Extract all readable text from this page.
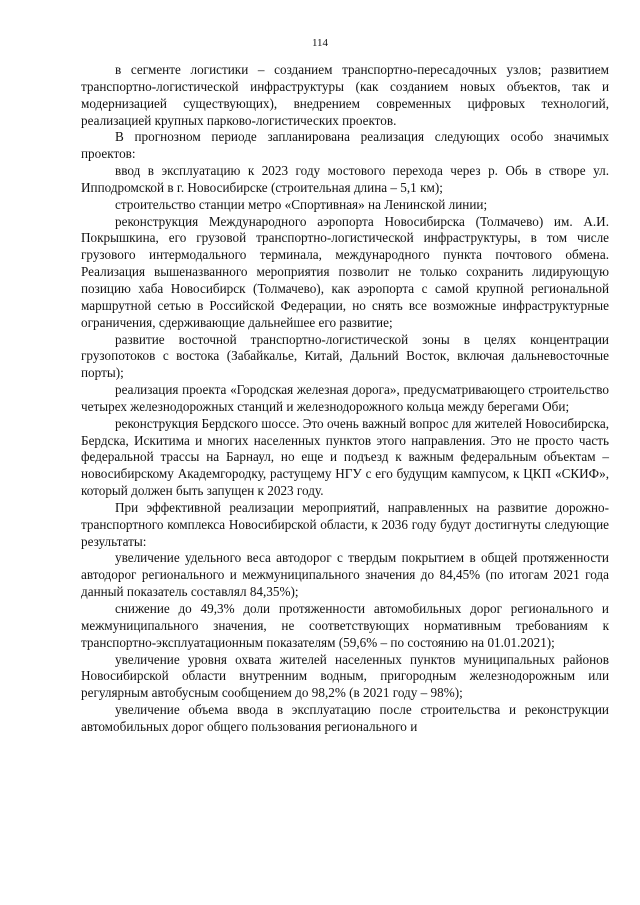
114

в сегменте логистики – созданием транспортно-пересадочных узлов; развитием транспортно-логистической инфраструктуры (как созданием новых объектов, так и модернизацией существующих), внедрением современных цифровых технологий, реализацией крупных парково-логистических проектов.

В прогнозном периоде запланирована реализация следующих особо значимых проектов:

ввод в эксплуатацию к 2023 году мостового перехода через р. Обь в створе ул. Ипподромской в г. Новосибирске (строительная длина – 5,1 км);

строительство станции метро «Спортивная» на Ленинской линии;

реконструкция Международного аэропорта Новосибирска (Толмачево) им. А.И. Покрышкина, его грузовой транспортно-логистической инфраструктуры, в том числе грузового интермодального терминала, международного пункта почтового обмена. Реализация вышеназванного мероприятия позволит не только сохранить лидирующую позицию хаба Новосибирск (Толмачево), как аэропорта с самой крупной региональной маршрутной сетью в Российской Федерации, но снять все возможные инфраструктурные ограничения, сдерживающие дальнейшее его развитие;

развитие восточной транспортно-логистической зоны в целях концентрации грузопотоков с востока (Забайкалье, Китай, Дальний Восток, включая дальневосточные порты);

реализация проекта «Городская железная дорога», предусматривающего строительство четырех железнодорожных станций и железнодорожного кольца между берегами Оби;

реконструкция Бердского шоссе. Это очень важный вопрос для жителей Новосибирска, Бердска, Искитима и многих населенных пунктов этого направления. Это не просто часть федеральной трассы на Барнаул, но еще и подъезд к важным федеральным объектам – новосибирскому Академгородку, растущему НГУ с его будущим кампусом, к ЦКП «СКИФ», который должен быть запущен к 2023 году.

При эффективной реализации мероприятий, направленных на развитие дорожно-транспортного комплекса Новосибирской области, к 2036 году будут достигнуты следующие результаты:

увеличение удельного веса автодорог с твердым покрытием в общей протяженности автодорог регионального и межмуниципального значения до 84,45% (по итогам 2021 года данный показатель составлял 84,35%);

снижение до 49,3% доли протяженности автомобильных дорог регионального и межмуниципального значения, не соответствующих нормативным требованиям к транспортно-эксплуатационным показателям (59,6% – по состоянию на 01.01.2021);

увеличение уровня охвата жителей населенных пунктов муниципальных районов Новосибирской области внутренним водным, пригородным железнодорожным или регулярным автобусным сообщением до 98,2% (в 2021 году – 98%);

увеличение объема ввода в эксплуатацию после строительства и реконструкции автомобильных дорог общего пользования регионального и
